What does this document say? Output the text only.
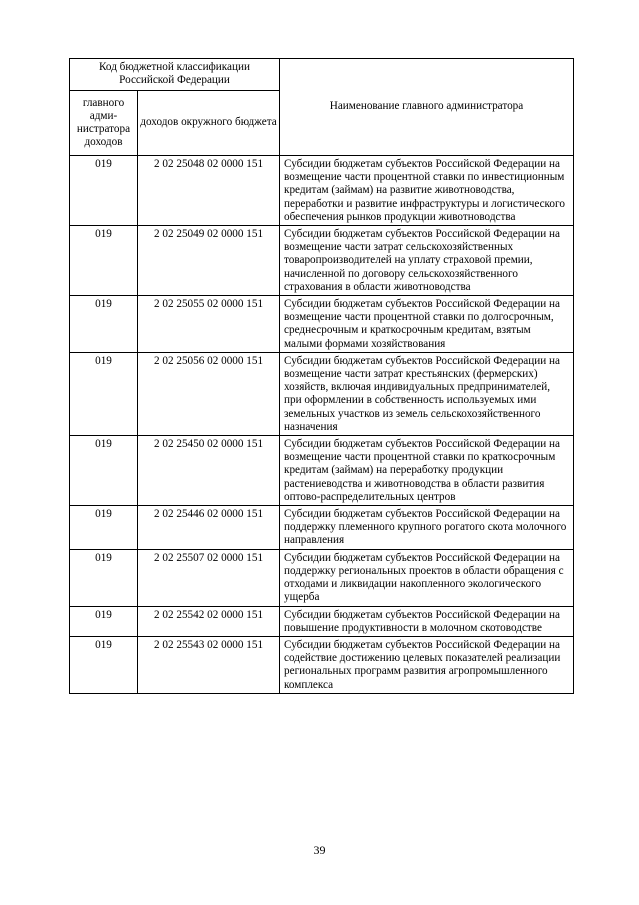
Код бюджетной классификации Российской Федерации		Наименование главного администратора
главного адми-нистратора доходов	доходов окружного бюджета	
019	2 02 25048 02 0000 151	Субсидии бюджетам субъектов Российской Федерации на возмещение части процентной ставки по инвестиционным кредитам (займам) на развитие животноводства, переработки и развитие инфраструктуры и логистического обеспечения рынков продукции животноводства
019	2 02 25049 02 0000 151	Субсидии бюджетам субъектов Российской Федерации на возмещение части затрат сельскохозяйственных товаропроизводителей на уплату страховой премии, начисленной по договору сельскохозяйственного страхования в области животноводства
019	2 02 25055 02 0000 151	Субсидии бюджетам субъектов Российской Федерации на возмещение части процентной ставки по долгосрочным, среднесрочным и краткосрочным кредитам, взятым малыми формами хозяйствования
019	2 02 25056 02 0000 151	Субсидии бюджетам субъектов Российской Федерации на возмещение части затрат крестьянских (фермерских) хозяйств, включая индивидуальных предпринимателей, при оформлении в собственность используемых ими земельных участков из земель сельскохозяйственного назначения
019	2 02 25450 02 0000 151	Субсидии бюджетам субъектов Российской Федерации на возмещение части процентной ставки по краткосрочным кредитам (займам) на переработку продукции растениеводства и животноводства в области развития оптово-распределительных центров
019	2 02 25446 02 0000 151	Субсидии бюджетам субъектов Российской Федерации на поддержку племенного крупного рогатого скота молочного направления
019	2 02 25507 02 0000 151	Субсидии бюджетам субъектов Российской Федерации на поддержку региональных проектов в области обращения с отходами и ликвидации накопленного экологического ущерба
019	2 02 25542 02 0000 151	Субсидии бюджетам субъектов Российской Федерации на повышение продуктивности в молочном скотоводстве
019	2 02 25543 02 0000 151	Субсидии бюджетам субъектов Российской Федерации на содействие достижению целевых показателей реализации региональных программ развития агропромышленного комплекса
39
